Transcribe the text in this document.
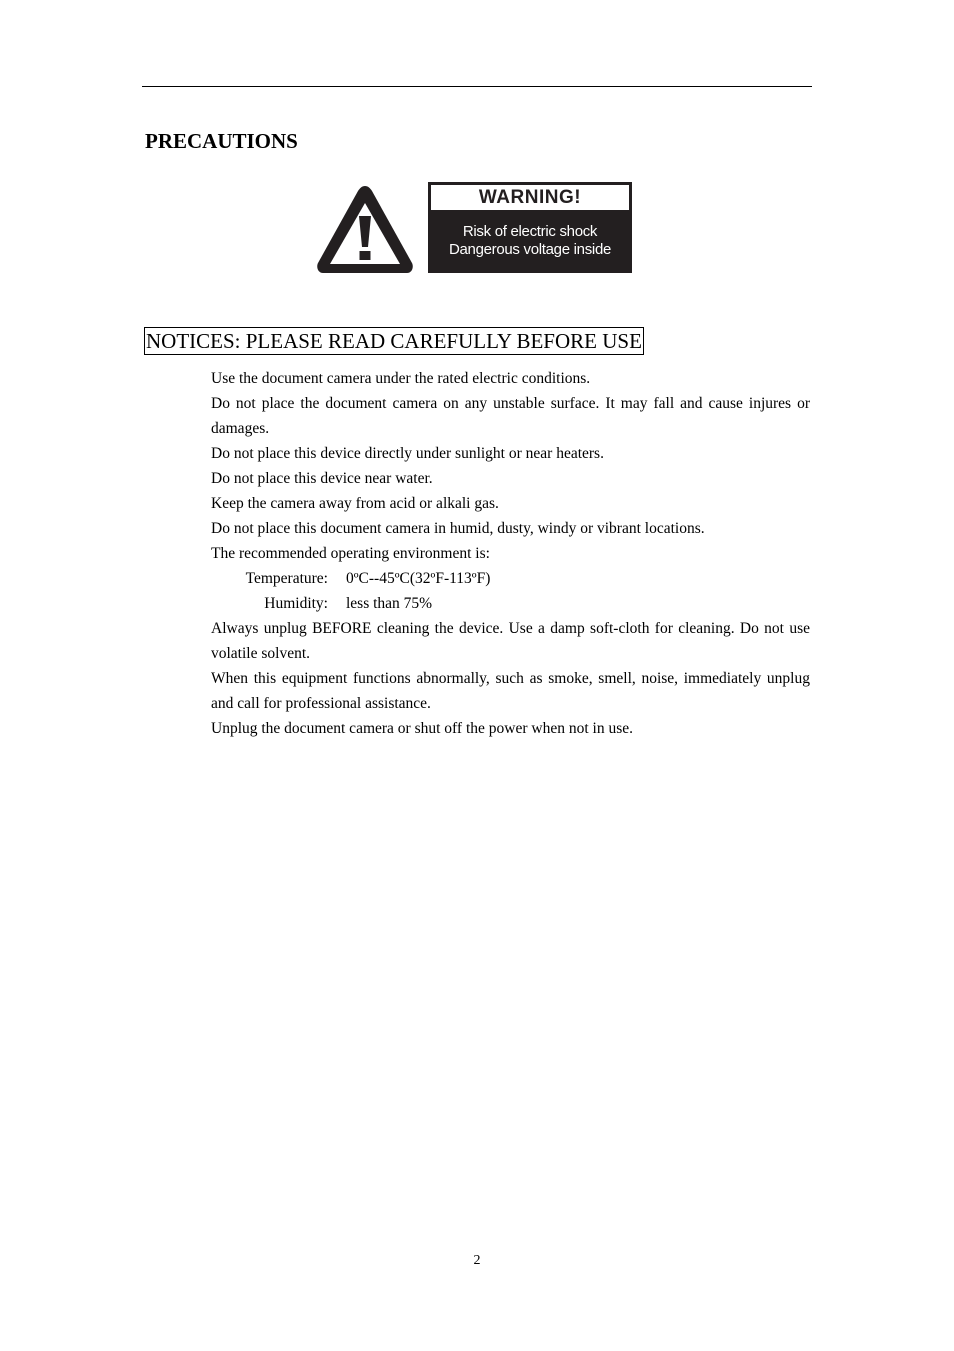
PRECAUTIONS
WARNING!
Risk of electric shock
Dangerous voltage inside
NOTICES: PLEASE READ CAREFULLY BEFORE USE
Use the document camera under the rated electric conditions.
Do not place the document camera on any unstable surface. It may fall and cause injures or damages.
Do not place this device directly under sunlight or near heaters.
Do not place this device near water.
Keep the camera away from acid or alkali gas.
Do not place this document camera in humid, dusty, windy or vibrant locations.
The recommended operating environment is:
Temperature: 0ºC--45ºC(32ºF-113ºF)
Humidity: less than 75%
Always unplug BEFORE cleaning the device. Use a damp soft-cloth for cleaning. Do not use volatile solvent.
When this equipment functions abnormally, such as smoke, smell, noise, immediately unplug and call for professional assistance.
Unplug the document camera or shut off the power when not in use.
2
